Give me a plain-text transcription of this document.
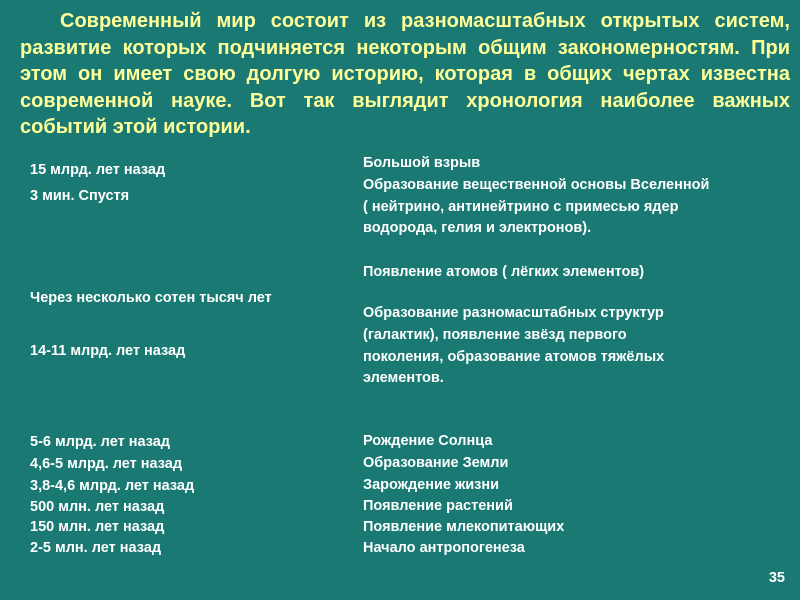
Современный мир состоит из разномасштабных открытых систем, развитие которых подчиняется некоторым общим закономерностям. При этом он имеет свою долгую историю, которая в общих чертах известна современной науке. Вот так выглядит хронология наиболее важных событий этой истории.

15 млрд. лет назад
3 мин. Спустя
Через несколько сотен тысяч лет
14-11 млрд. лет назад
5-6 млрд. лет назад
4,6-5 млрд. лет назад
3,8-4,6 млрд. лет назад
500 млн. лет назад
150 млн. лет назад
2-5 млн. лет назад
Большой взрыв
Образование вещественной основы Вселенной
( нейтрино, антинейтрино с примесью ядер
водорода, гелия и электронов).
Появление атомов ( лёгких элементов)
Образование разномасштабных структур
(галактик), появление звёзд первого
поколения, образование атомов тяжёлых
элементов.
Рождение Солнца
Образование Земли
Зарождение жизни
Появление растений
Появление млекопитающих
Начало антропогенеза
35
